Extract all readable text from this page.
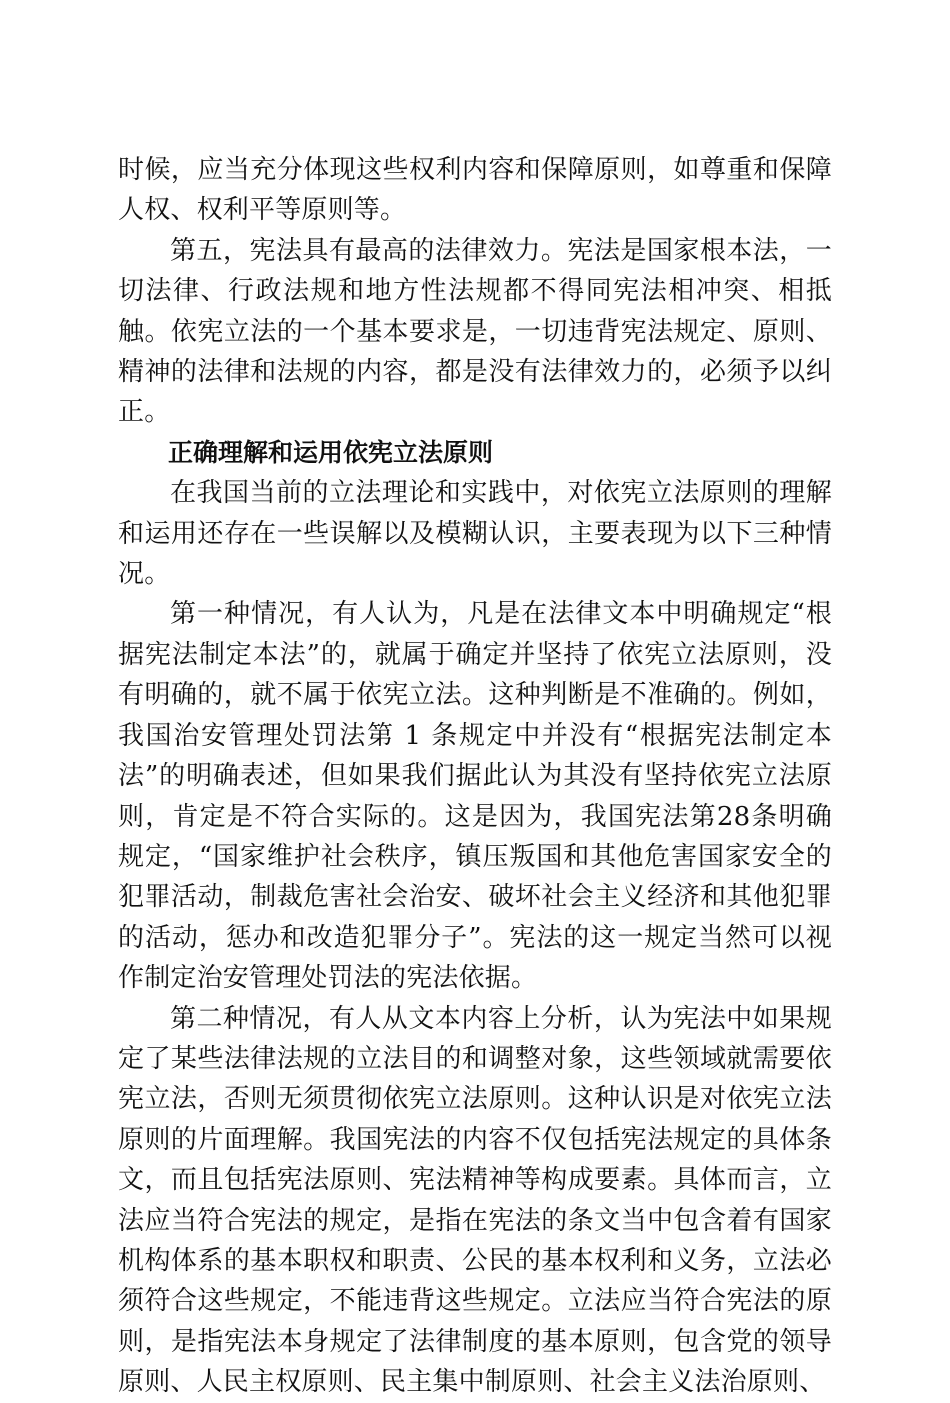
时候，应当充分体现这些权利内容和保障原则，如尊重和保障人权、权利平等原则等。

第五，宪法具有最高的法律效力。宪法是国家根本法，一切法律、行政法规和地方性法规都不得同宪法相冲突、相抵触。依宪立法的一个基本要求是，一切违背宪法规定、原则、精神的法律和法规的内容，都是没有法律效力的，必须予以纠正。

正确理解和运用依宪立法原则

在我国当前的立法理论和实践中，对依宪立法原则的理解和运用还存在一些误解以及模糊认识，主要表现为以下三种情况。

第一种情况，有人认为，凡是在法律文本中明确规定“根据宪法制定本法”的，就属于确定并坚持了依宪立法原则，没有明确的，就不属于依宪立法。这种判断是不准确的。例如，我国治安管理处罚法第 1 条规定中并没有“根据宪法制定本法”的明确表述，但如果我们据此认为其没有坚持依宪立法原则，肯定是不符合实际的。这是因为，我国宪法第28条明确规定，“国家维护社会秩序，镇压叛国和其他危害国家安全的犯罪活动，制裁危害社会治安、破坏社会主义经济和其他犯罪的活动，惩办和改造犯罪分子”。宪法的这一规定当然可以视作制定治安管理处罚法的宪法依据。

第二种情况，有人从文本内容上分析，认为宪法中如果规定了某些法律法规的立法目的和调整对象，这些领域就需要依宪立法，否则无须贯彻依宪立法原则。这种认识是对依宪立法原则的片面理解。我国宪法的内容不仅包括宪法规定的具体条文，而且包括宪法原则、宪法精神等构成要素。具体而言，立法应当符合宪法的规定，是指在宪法的条文当中包含着有国家机构体系的基本职权和职责、公民的基本权利和义务，立法必须符合这些规定，不能违背这些规定。立法应当符合宪法的原则，是指宪法本身规定了法律制度的基本原则，包含党的领导原则、人民主权原则、民主集中制原则、社会主义法治原则、
